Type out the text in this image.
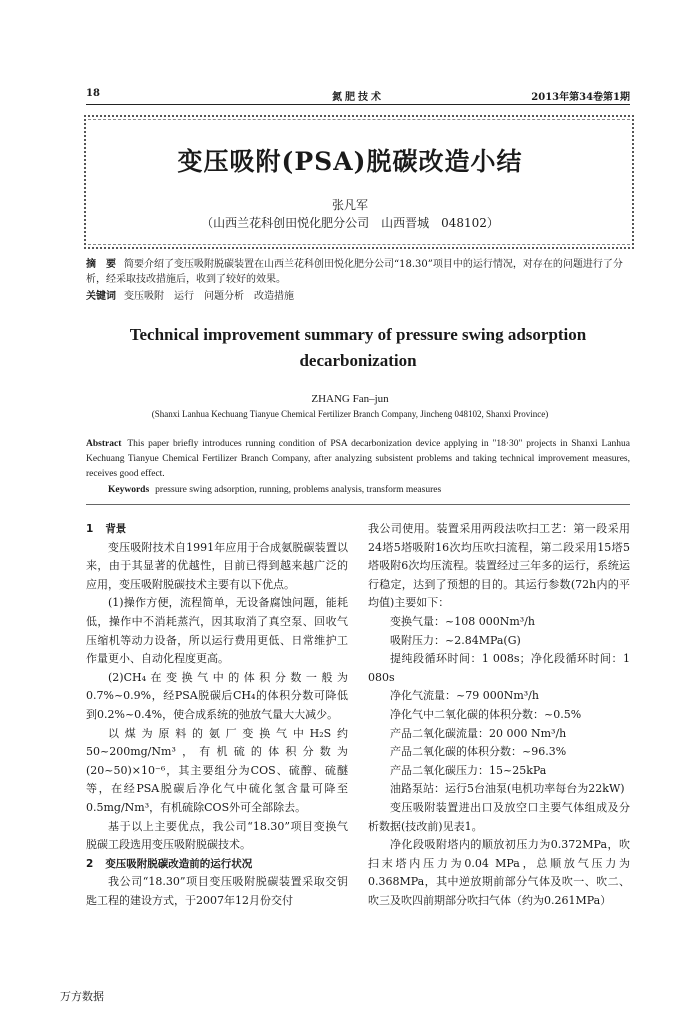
18	氮肥技术	2013年第34卷第1期
变压吸附(PSA)脱碳改造小结
张凡军
（山西兰花科创田悦化肥分公司　山西晋城　048102）
摘　要 简要介绍了变压吸附脱碳装置在山西兰花科创田悦化肥分公司“18.30”项目中的运行情况，对存在的问题进行了分析，经采取技改措施后，收到了较好的效果。
关键词 变压吸附 运行 问题分析 改造措施
Technical improvement summary of pressure swing adsorption decarbonization
ZHANG Fan–jun
(Shanxi Lanhua Kechuang Tianyue Chemical Fertilizer Branch Company, Jincheng 048102, Shanxi Province)
Abstract This paper briefly introduces running condition of PSA decarbonization device applying in "18·30" projects in Shanxi Lanhua Kechuang Tianyue Chemical Fertilizer Branch Company, after analyzing subsistent problems and taking technical improvement measures, receives good effect.
Keywords pressure swing adsorption, running, problems analysis, transform measures

1 背景

变压吸附技术自1991年应用于合成氨脱碳装置以来，由于其显著的优越性，目前已得到越来越广泛的应用，变压吸附脱碳技术主要有以下优点。

(1)操作方便，流程简单，无设备腐蚀问题，能耗低，操作中不消耗蒸汽，因其取消了真空泵、回收气压缩机等动力设备，所以运行费用更低、日常维护工作量更小、自动化程度更高。

(2)CH₄在变换气中的体积分数一般为0.7%~0.9%，经PSA脱碳后CH₄的体积分数可降低到0.2%~0.4%，使合成系统的弛放气量大大减少。

以煤为原料的氨厂变换气中H₂S约50~200mg/Nm³，有机硫的体积分数为(20~50)×10⁻⁶，其主要组分为COS、硫醇、硫醚等，在经PSA脱碳后净化气中硫化氢含量可降至0.5mg/Nm³，有机硫除COS外可全部除去。

基于以上主要优点，我公司“18.30”项目变换气脱碳工段选用变压吸附脱碳技术。

2 变压吸附脱碳改造前的运行状况

我公司“18.30”项目变压吸附脱碳装置采取交钥匙工程的建设方式，于2007年12月份交付

我公司使用。装置采用两段法吹扫工艺：第一段采用24塔5塔吸附16次均压吹扫流程，第二段采用15塔5塔吸附6次均压流程。装置经过三年多的运行，系统运行稳定，达到了预想的目的。其运行参数(72h内的平均值)主要如下：

变换气量：~108 000Nm³/h

吸附压力：~2.84MPa(G)

提纯段循环时间：1 008s；净化段循环时间：1 080s

净化气流量：~79 000Nm³/h

净化气中二氧化碳的体积分数：~0.5%

产品二氧化碳流量：20 000 Nm³/h

产品二氧化碳的体积分数：~96.3%

产品二氧化碳压力：15~25kPa

油路泵站：运行5台油泵(电机功率每台为22kW)

变压吸附装置进出口及放空口主要气体组成及分析数据(技改前)见表1。

净化段吸附塔内的顺放初压力为0.372MPa，吹扫末塔内压力为0.04 MPa，总顺放气压力为0.368MPa，其中逆放期前部分气体及吹一、吹二、吹三及吹四前期部分吹扫气体（约为0.261MPa）

万方数据
